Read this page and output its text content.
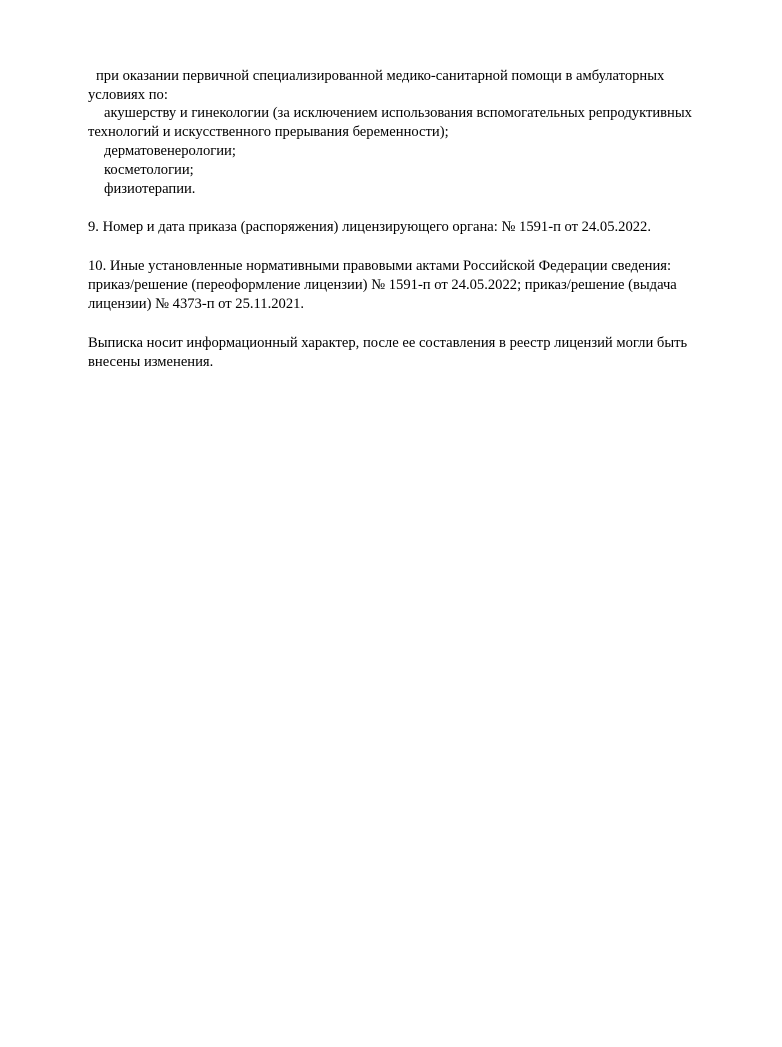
при оказании первичной специализированной медико-санитарной помощи в амбулаторных
условиях по:
акушерству и гинекологии (за исключением использования вспомогательных репродуктивных
технологий и искусственного прерывания беременности);
дерматовенерологии;
косметологии;
физиотерапии.
9. Номер и дата приказа (распоряжения) лицензирующего органа: № 1591-п от 24.05.2022.
10. Иные установленные нормативными правовыми актами Российской Федерации сведения:
приказ/решение (переоформление лицензии) № 1591-п от 24.05.2022; приказ/решение (выдача
лицензии) № 4373-п от 25.11.2021.
Выписка носит информационный характер, после ее составления в реестр лицензий могли быть
внесены изменения.
